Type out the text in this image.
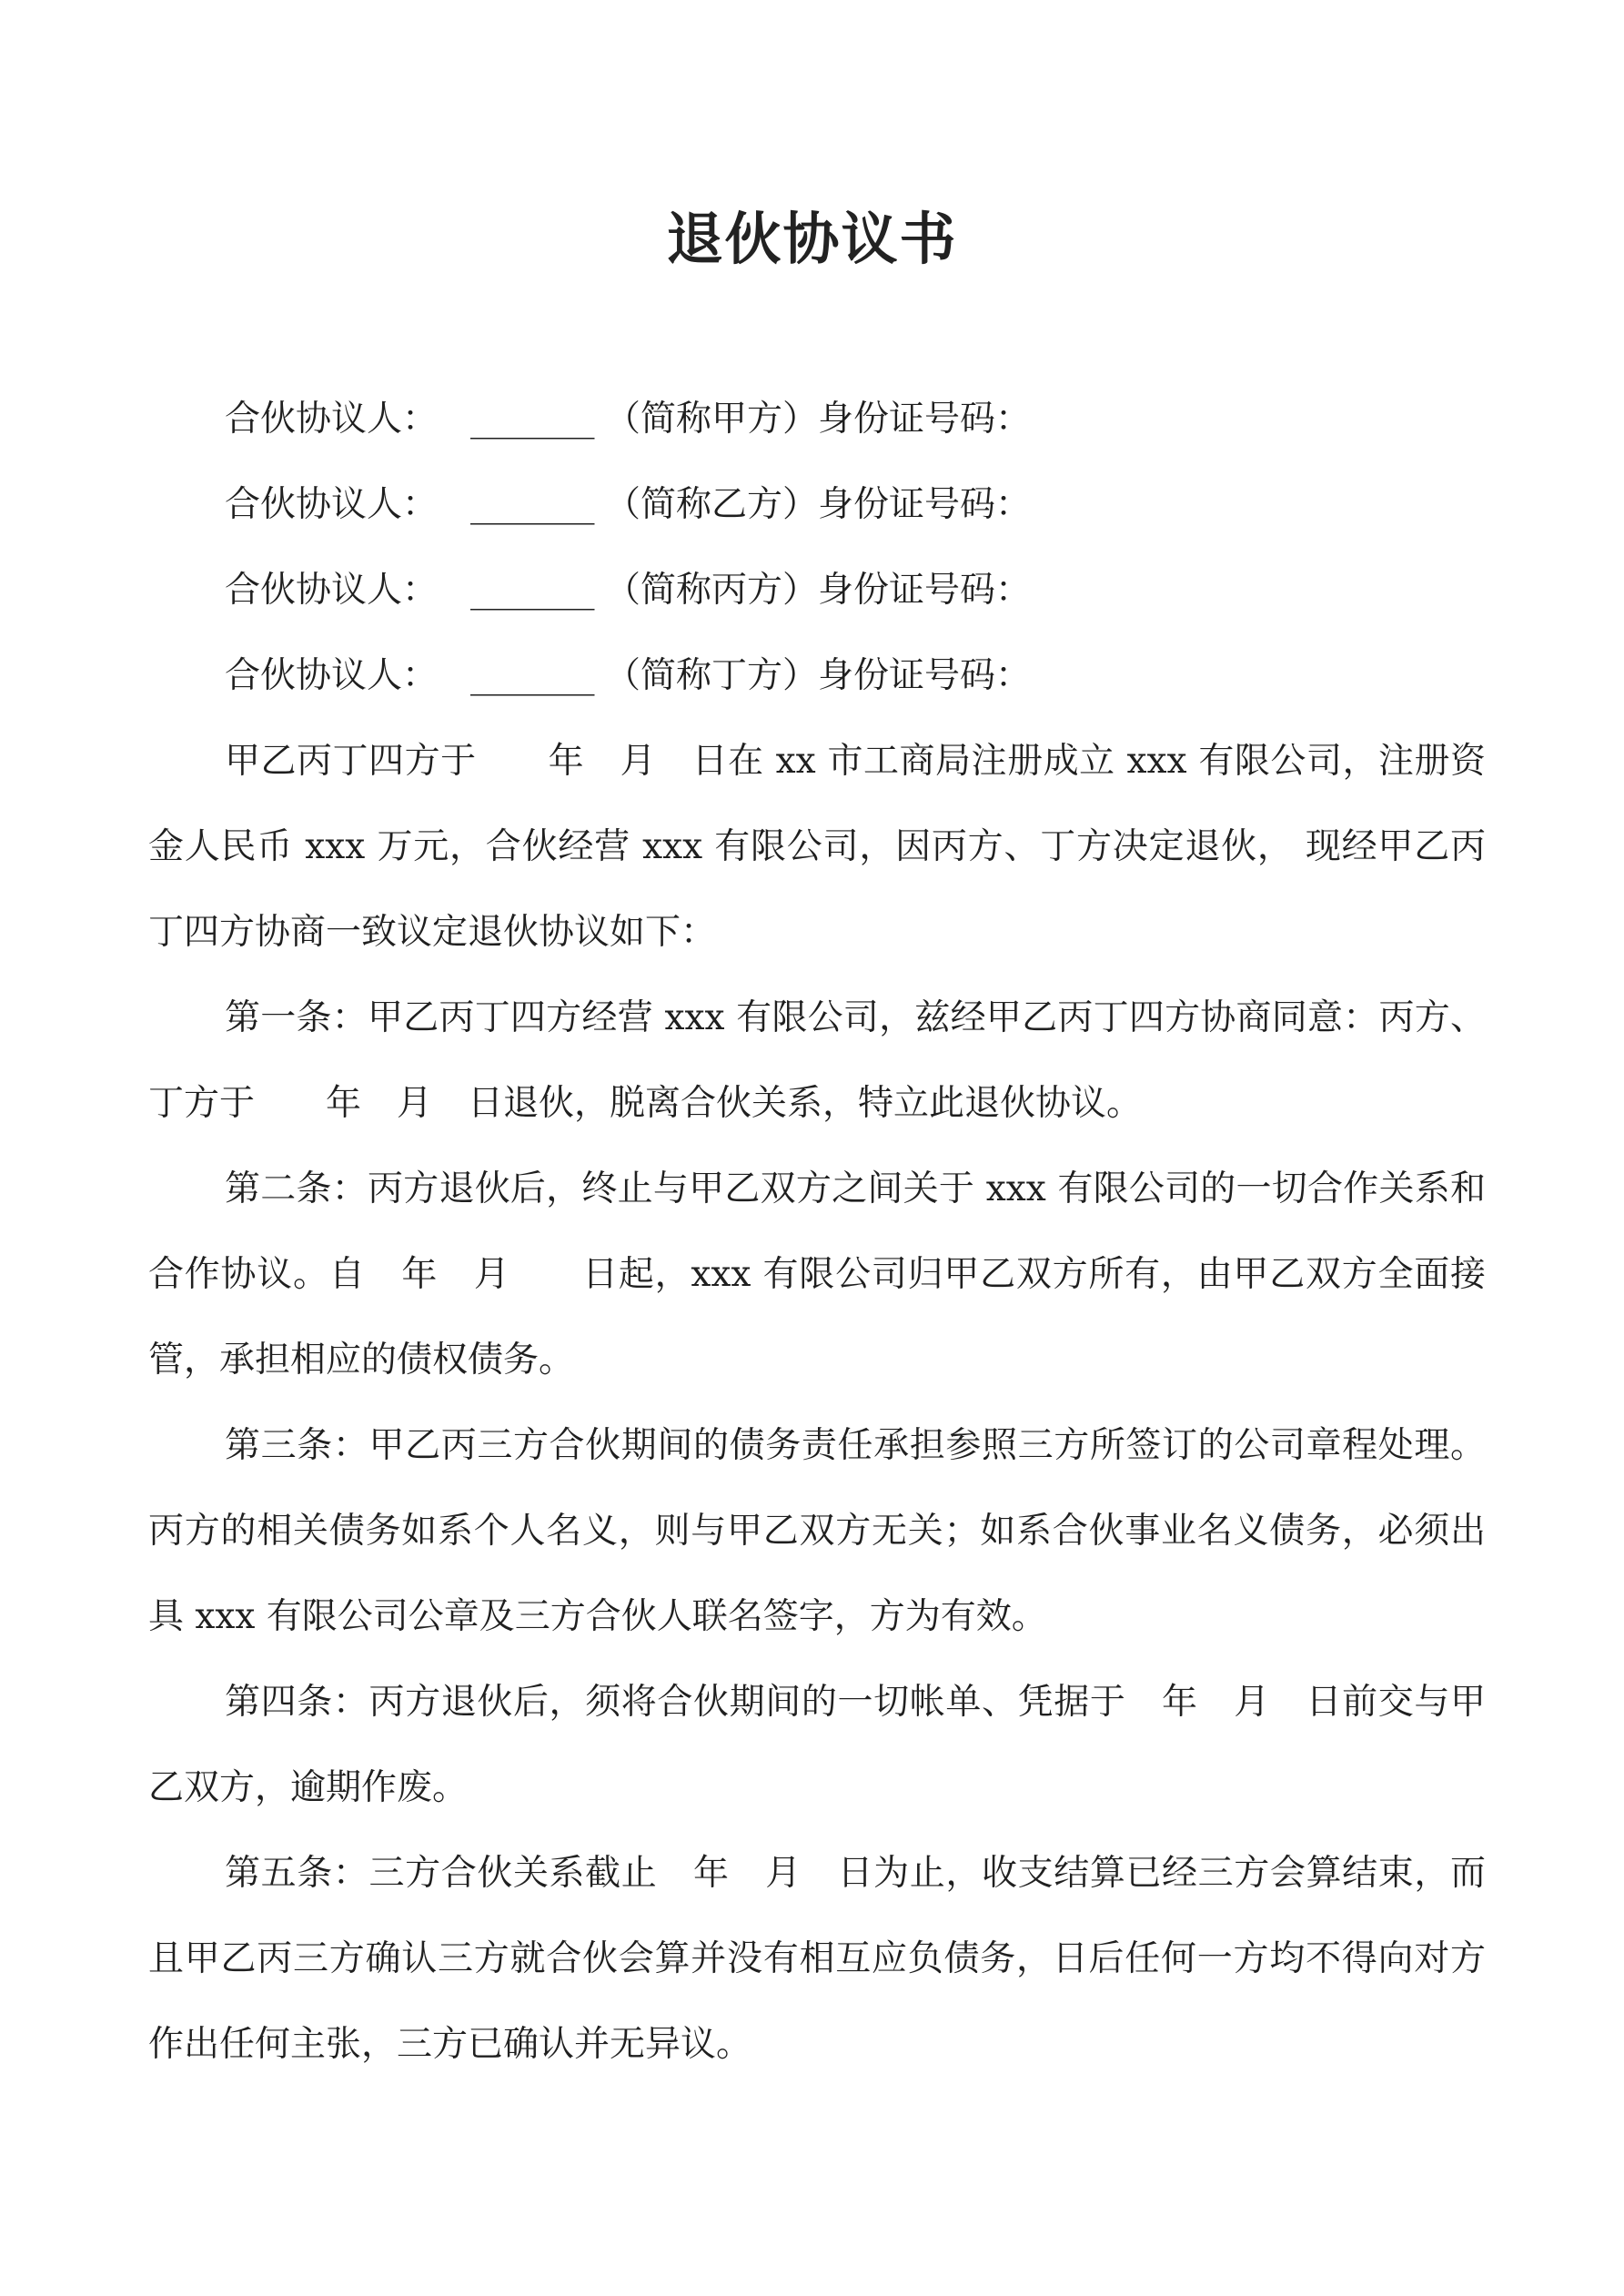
退伙协议书

合伙协议人： _______ （简称甲方）身份证号码：

合伙协议人： _______ （简称乙方）身份证号码：

合伙协议人： _______ （简称丙方）身份证号码：

合伙协议人： _______ （简称丁方）身份证号码：

甲乙丙丁四方于　　年　月　日在 xx 市工商局注册成立 xxx 有限公司，注册资金人民币 xxx 万元，合伙经营 xxx 有限公司，因丙方、丁方决定退伙， 现经甲乙丙丁四方协商一致议定退伙协议如下：

第一条：甲乙丙丁四方经营 xxx 有限公司，兹经甲乙丙丁四方协商同意：丙方、丁方于　　年　月　日退伙，脱离合伙关系，特立此退伙协议。

第二条：丙方退伙后，终止与甲乙双方之间关于 xxx 有限公司的一切合作关系和合作协议。自　年　月　　日起，xxx 有限公司归甲乙双方所有，由甲乙双方全面接管，承担相应的债权债务。

第三条：甲乙丙三方合伙期间的债务责任承担参照三方所签订的公司章程处理。丙方的相关债务如系个人名义，则与甲乙双方无关；如系合伙事业名义债务，必须出具 xxx 有限公司公章及三方合伙人联名签字，方为有效。

第四条：丙方退伙后，须将合伙期间的一切帐单、凭据于　年　月　日前交与甲乙双方，逾期作废。

第五条：三方合伙关系截止　年　月　日为止，收支结算已经三方会算结束，而且甲乙丙三方确认三方就合伙会算并没有相互应负债务，日后任何一方均不得向对方作出任何主张，三方已确认并无异议。
